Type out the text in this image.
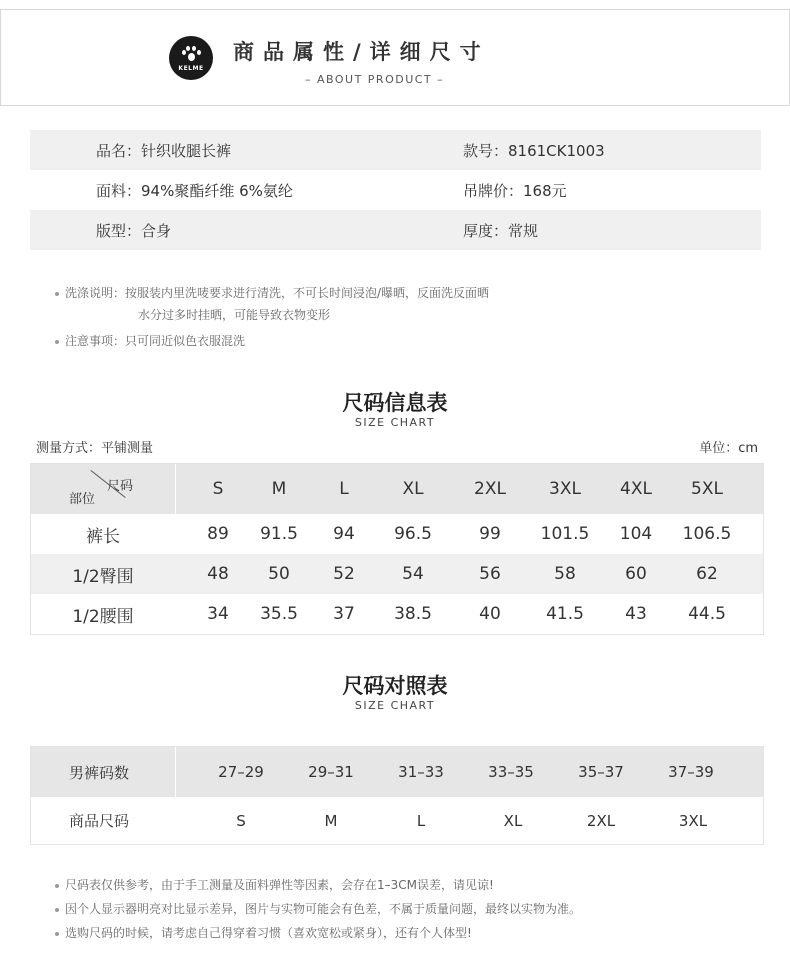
KELME
商品属性/详细尺寸
– ABOUT PRODUCT –
品名：针织收腿长裤	款号：8161CK1003
面料：94%聚酯纤维 6%氨纶	吊牌价：168元
版型：合身	厚度：常规
洗涤说明：按服装内里洗唛要求进行清洗，不可长时间浸泡/曝晒，反面洗反面晒
水分过多时挂晒，可能导致衣物变形
注意事项：只可同近似色衣服混洗
尺码信息表
SIZE CHART
测量方式：平铺测量	单位：cm
尺码
部位
S	M	L	XL	2XL	3XL 4XL 5XL
裤长	89 91.5 94 96.5	99 101.5 104 106.5
1/2臀围	48 50	52	54	56	58	60	62
1/2腰围	34 35.5 37 38.5	40	41.5 43 44.5
尺码对照表
SIZE CHART
男裤码数	27–29	29–31	31–33	33–35	35–37	37–39
商品尺码	S	M	L	XL	2XL	3XL
尺码表仅供参考，由于手工测量及面料弹性等因素，会存在1–3CM误差，请见谅!
因个人显示器明亮对比显示差异，图片与实物可能会有色差，不属于质量问题，最终以实物为准。
选购尺码的时候，请考虑自己得穿着习惯（喜欢宽松或紧身），还有个人体型!
